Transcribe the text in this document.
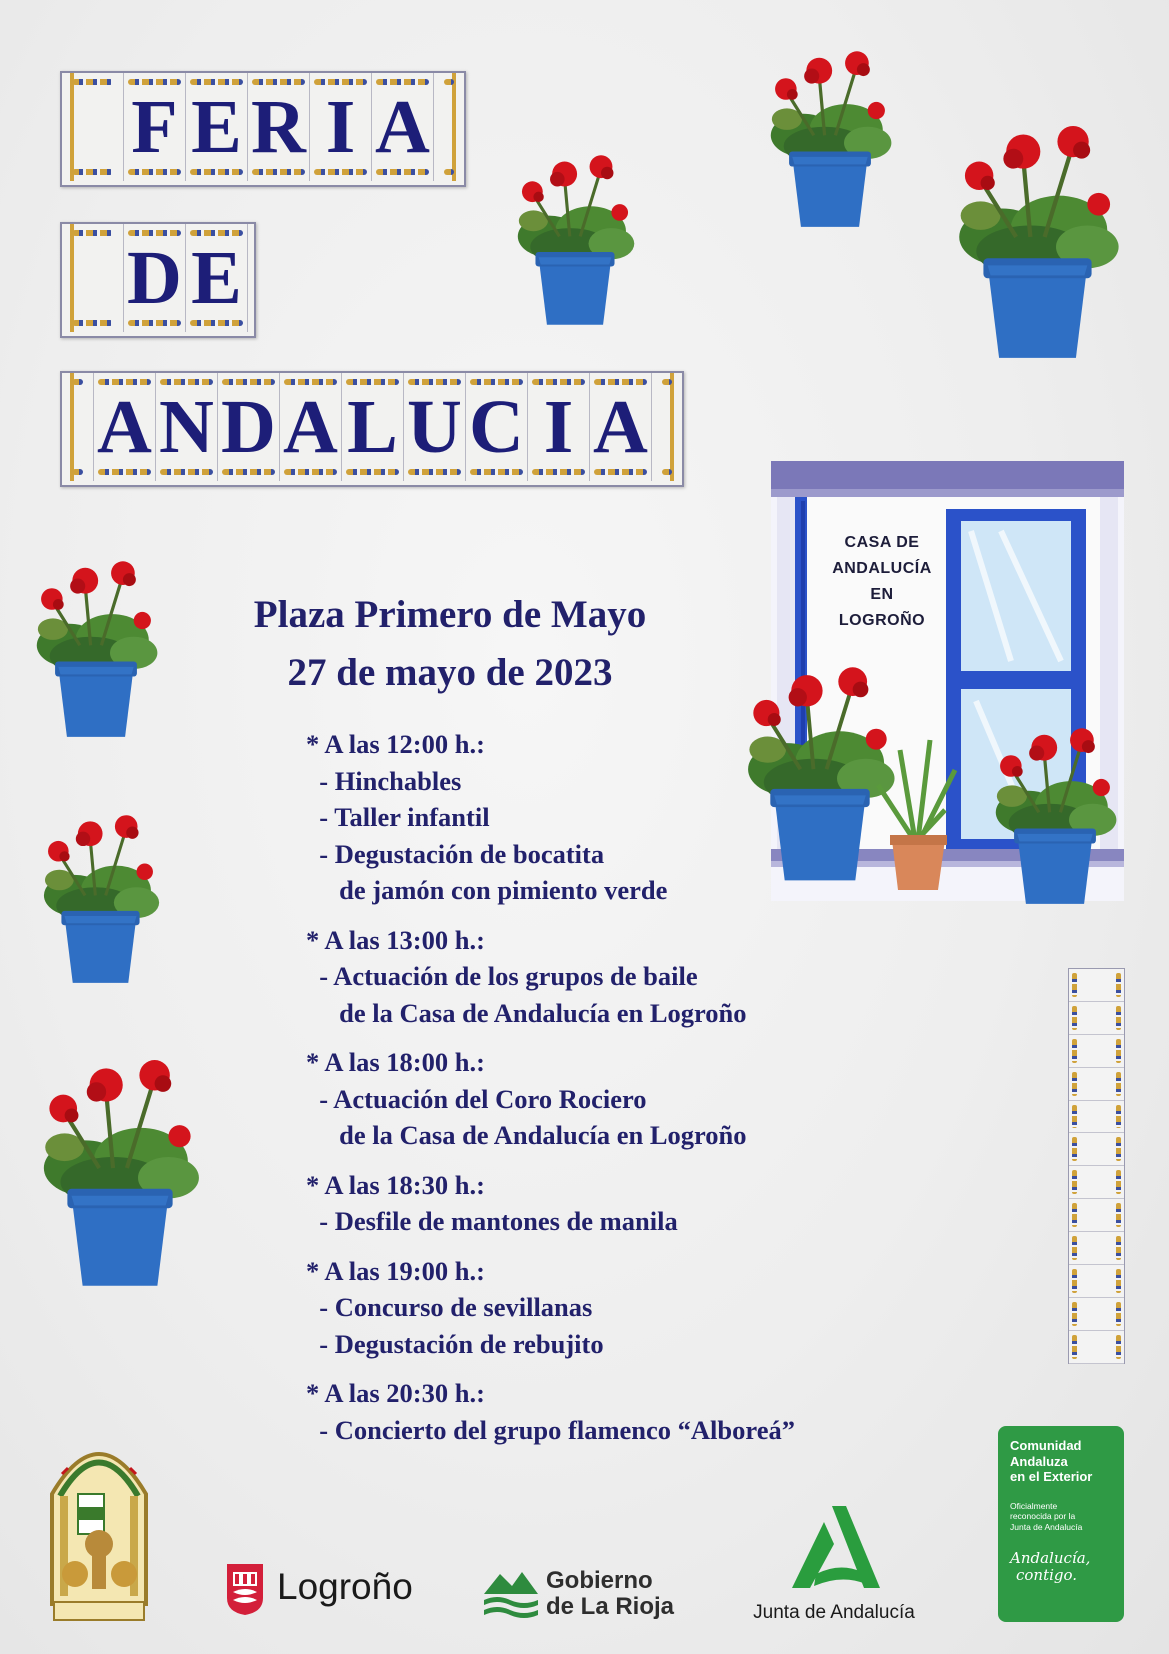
F E R I A
D E
A N D A L U C I A
CASA DE
ANDALUCÍA
EN
LOGROÑO
Plaza Primero de Mayo
27 de mayo de 2023
* A las 12:00 h.:
- Hinchables
- Taller infantil
- Degustación de bocatita
de jamón con pimiento verde
* A las 13:00 h.:
- Actuación de los grupos de baile
de la Casa de Andalucía en Logroño
* A las 18:00 h.:
- Actuación del Coro Rociero
de la Casa de Andalucía en Logroño
* A las 18:30 h.:
- Desfile de mantones de manila
* A las 19:00 h.:
- Concurso de sevillanas
- Degustación de rebujito
* A las 20:30 h.:
- Concierto del grupo flamenco “Alboreá”
Logroño	Gobierno
de La Rioja	Junta de Andalucía
Comunidad
Andaluza
en el Exterior
Oficialmente
reconocida por la
Junta de Andalucía
Andalucía,
contigo.
